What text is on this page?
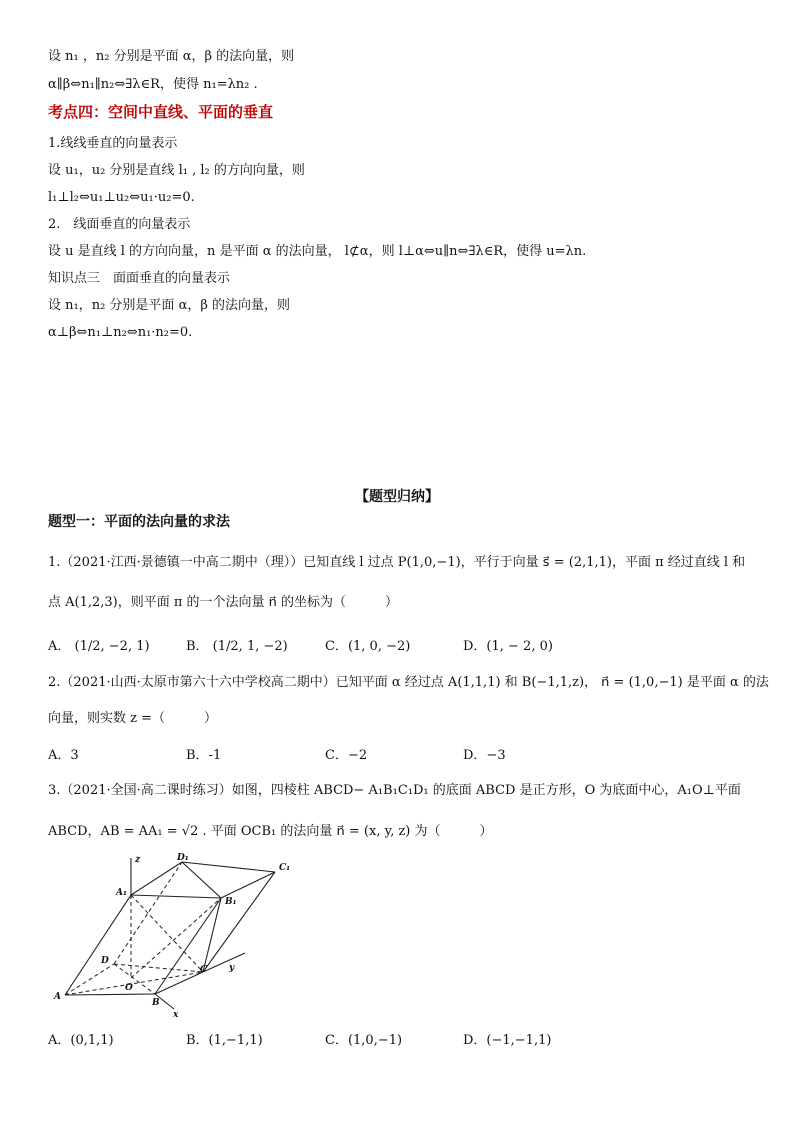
设 n₁ ，n₂ 分别是平面 α，β 的法向量，则
α∥β⇔n₁∥n₂⇔∃λ∈R，使得 n₁=λn₂ .
考点四：空间中直线、平面的垂直
1.线线垂直的向量表示
设 u₁，u₂ 分别是直线 l₁ , l₂ 的方向向量，则
l₁⊥l₂⇔u₁⊥u₂⇔u₁·u₂=0.
2.　线面垂直的向量表示
设 u 是直线 l 的方向向量，n 是平面 α 的法向量， l⊄α，则 l⊥α⇔u∥n⇔∃λ∈R，使得 u=λn.
知识点三　面面垂直的向量表示
设 n₁，n₂ 分别是平面 α，β 的法向量，则
α⊥β⇔n₁⊥n₂⇔n₁·n₂=0.
【题型归纳】
题型一：平面的法向量的求法
1.（2021·江西·景德镇一中高二期中（理））已知直线 l 过点 P(1,0,−1)，平行于向量 s⃗ = (2,1,1)，平面 π 经过直线 l 和
点 A(1,2,3)，则平面 π 的一个法向量 n⃗ 的坐标为（　　　）
A． (1/2, −2, 1)	B． (1/2, 1, −2)	C．(1, 0, −2)	D．(1, − 2, 0)
2.（2021·山西·太原市第六十六中学校高二期中）已知平面 α 经过点 A(1,1,1) 和 B(−1,1,z)， n⃗ = (1,0,−1) 是平面 α 的法
向量，则实数 z =（　　　）
A．3	B．-1	C．−2	D．−3
3.（2021·全国·高二课时练习）如图，四棱柱 ABCD− A₁B₁C₁D₁ 的底面 ABCD 是正方形，O 为底面中心，A₁O⊥平面
ABCD，AB = AA₁ = √2 . 平面 OCB₁ 的法向量 n⃗ = (x, y, z) 为（　　　）
z	D₁
C₁
A₁
B₁
D
C y
O
A
B
x
A．(0,1,1)	B．(1,−1,1)	C．(1,0,−1)	D．(−1,−1,1)
